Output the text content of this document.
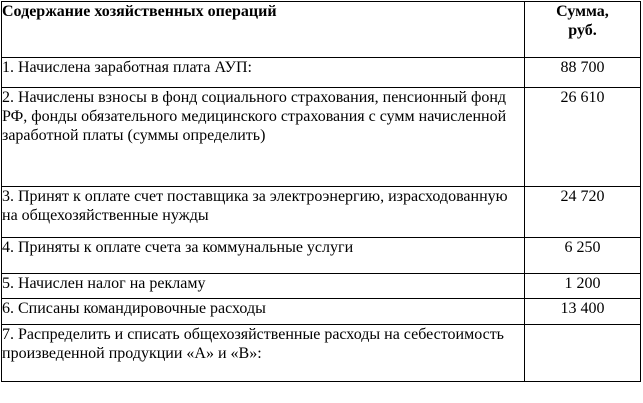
Содержание хозяйственных операций	Сумма,
руб.

1. Начислена заработная плата АУП:	88 700
2. Начислены взносы в фонд социального страхования, пенсионный фонд РФ, фонды обязательного медицинского страхования с сумм начисленной заработной платы (суммы определить)	26 610
3. Принят к оплате счет поставщика за электроэнергию, израсходованную на общехозяйственные нужды	24 720
4. Приняты к оплате счета за коммунальные услуги	6 250
5. Начислен налог на рекламу	1 200
6. Списаны командировочные расходы	13 400
7. Распределить и списать общехозяйственные расходы на себестоимость произведенной продукции «А» и «В»:	
